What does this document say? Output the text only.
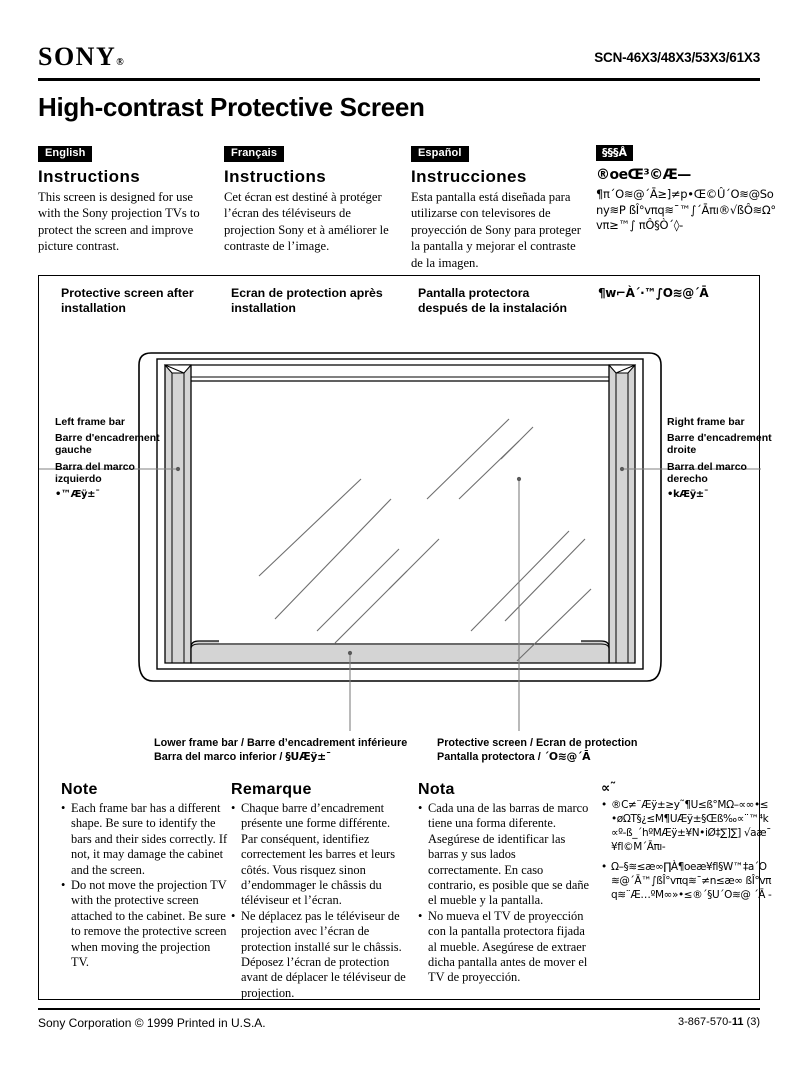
SONY®	SCN-46X3/48X3/53X3/61X3
High-contrast Protective Screen
English
Instructions
This screen is designed for use with the Sony projection TVs to protect the screen and improve picture contrast.
Français
Instructions
Cet écran est destiné à protéger l’écran des téléviseurs de projection Sony et à améliorer le contraste de l’image.
Español
Instrucciones
Esta pantalla está diseñada para utilizarse con televisores de proyección de Sony para proteger la pantalla y mejorar el contraste de la imagen.
§§§Å
®oeŒ³©Æ—
¶π´O≋@´Ā≥]≠p•Œ©Û´O≋@Sony≋P ßÎ°vπq≋¯™∫´Āπı®√ßÔ≋Ω°vπ≥™∫ πÔ§Ò´◊-
Protective screen after installation
Ecran de protection après installation
Pantalla protectora después de la instalación
¶w⌐À´·™∫O≋@´Ā
Left frame bar
Barre d'encadrement gauche
Barra del marco izquierdo
•™Æÿ±¯
Right frame bar
Barre d'encadrement droite
Barra del marco derecho
•kÆÿ±¯
Lower frame bar / Barre d’encadrement inférieure
Barra del marco inferior / §UÆÿ±¯
Protective screen / Ecran de protection
Pantalla protectora / ´O≋@´Ā
Note
• Each frame bar has a different shape. Be sure to identify the bars and their sides correctly. If not, it may damage the cabinet and the screen.
• Do not move the projection TV with the protective screen attached to the cabinet. Be sure to remove the protective screen when moving the projection TV.
Remarque
• Chaque barre d’encadrement présente une forme différente. Par conséquent, identifiez correctement les barres et leurs côtés. Vous risquez sinon d’endommager le châssis du téléviseur et l’écran.
• Ne déplacez pas le téléviseur de projection avec l’écran de protection installé sur le châssis. Déposez l’écran de protection avant de déplacer le téléviseur de projection.
Nota
• Cada una de las barras de marco tiene una forma diferente. Asegúrese de identificar las barras y sus lados correctamente. En caso contrario, es posible que se dañe el mueble y la pantalla.
• No mueva el TV de proyección con la pantalla protectora fijada al mueble. Asegúrese de extraer dicha pantalla antes de mover el TV de proyección.
∝˜
• ®C≠¨Æÿ±≥y˜¶U≤ß°MΩ–∝∞•≤ •øΩT§¿≤M¶UÆÿ±§Œß‰∝¨™⁴k ∝º-ß_´hºMÆÿ±¥N•iØ‡∑]∑] √aæ¯¥fl©M´Āπı-
• Ω–§≋≤æ∞∏À¶oeæ¥fl§W™‡a´O ≋@´Ā™∫ßÎ°vπq≋¯≠n≤æ∞ ßÎ°vπq≋¨Æ…ºM∞»•≤®´§U´O≋@ ´Ā -
Sony Corporation © 1999 Printed in U.S.A.	3-867-570-11 (3)
